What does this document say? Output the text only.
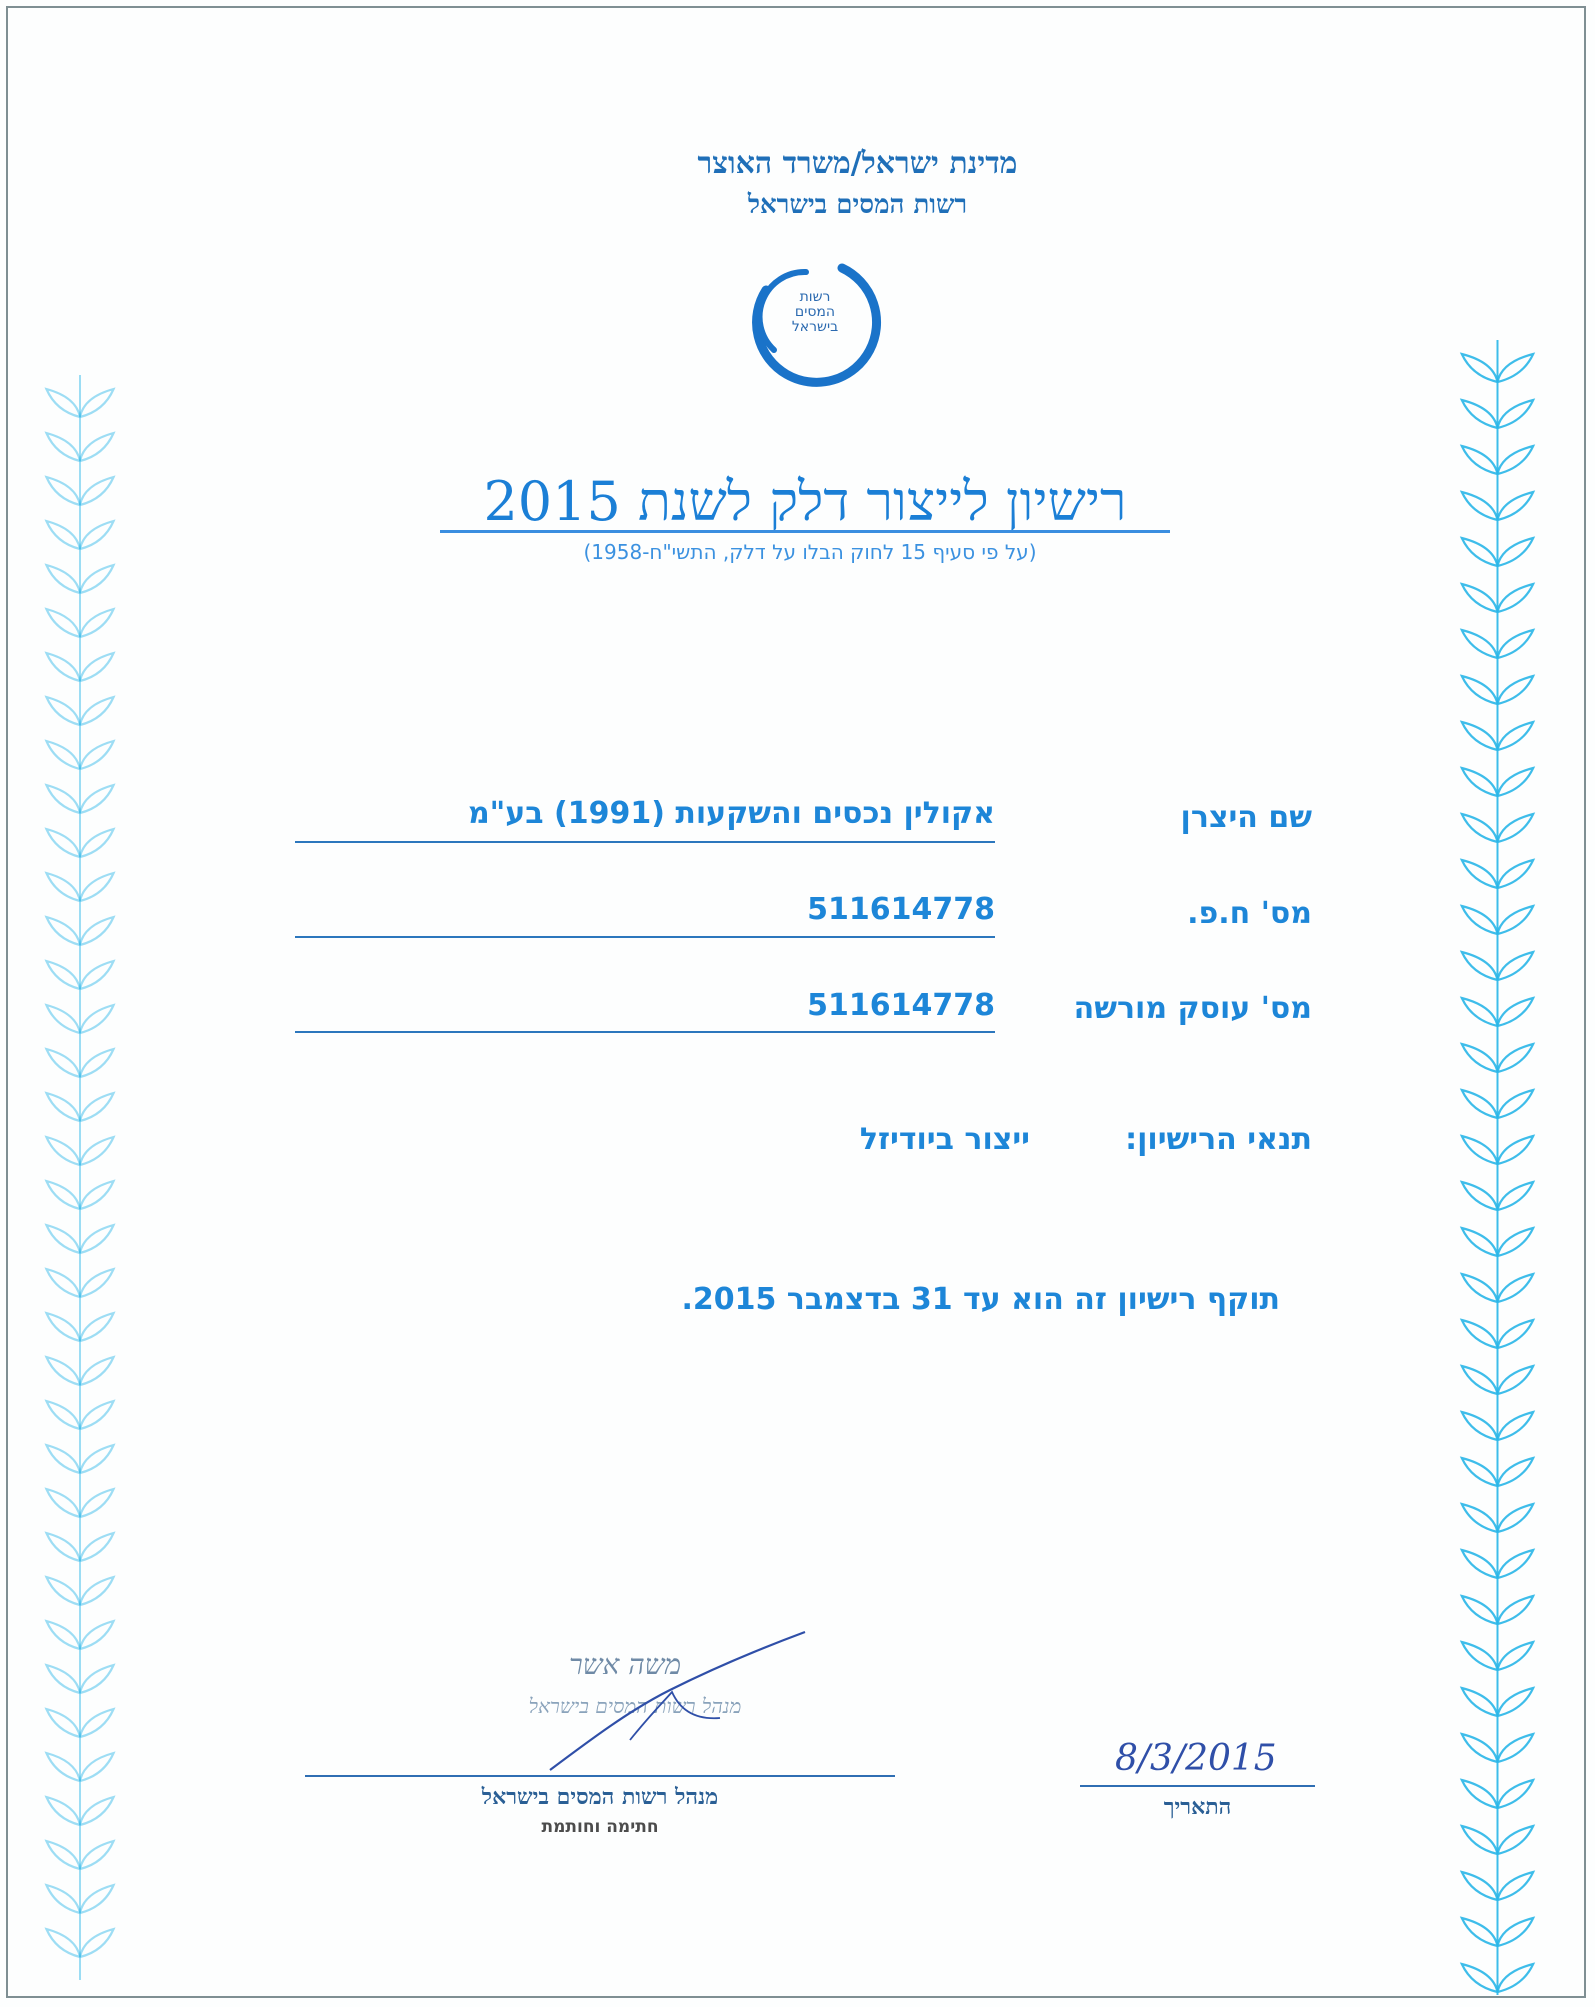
מדינת ישראל/משרד האוצר
רשות המסים בישראל
רשות
המסים
בישראל
רישיון לייצור דלק לשנת 2015
(על פי סעיף 15 לחוק הבלו על דלק, התשי"ח-1958)
שם היצרן
אקולין נכסים והשקעות (1991) בע"מ
מס' ח.פ.
511614778
מס' עוסק מורשה
511614778
תנאי הרישיון:
ייצור ביודיזל
תוקף רישיון זה הוא עד 31 בדצמבר 2015.
משה אשר
מנהל רשות המסים בישראל
מנהל רשות המסים בישראל
חתימה וחותמת
8/3/2015
התאריך
